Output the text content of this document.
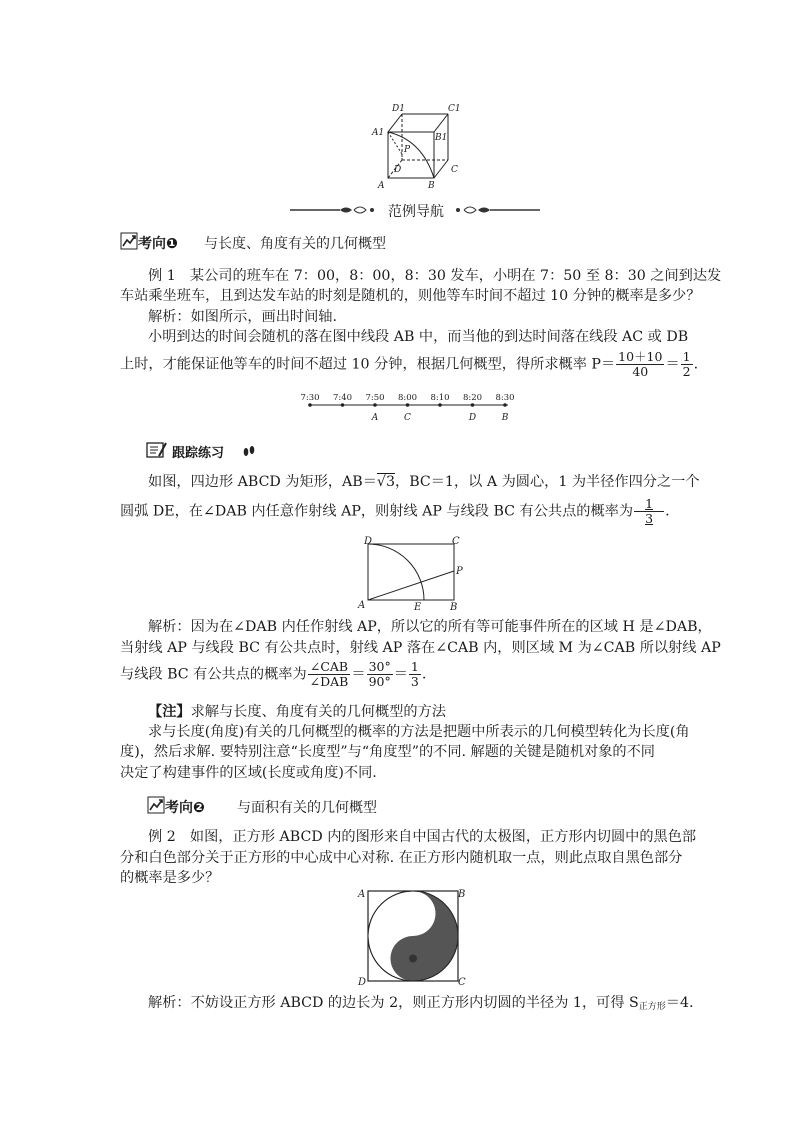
D1	C1
A1	B1
P
D	C
A	B
范例导航
考向❶ 与长度、角度有关的几何概型
例 1　某公司的班车在 7：00，8：00，8：30 发车，小明在 7：50 至 8：30 之间到达发
车站乘坐班车，且到达发车站的时刻是随机的，则他等车时间不超过 10 分钟的概率是多少？
解析：如图所示，画出时间轴.
小明到达的时间会随机的落在图中线段 AB 中，而当他的到达时间落在线段 AC 或 DB
上时，才能保证他等车的时间不超过 10 分钟，根据几何概型，得所求概率 $P= \frac{10+10}{40} = \frac{1}{2}$ .
7:30 7:40 7:50 8:00 8:10 8:20 8:30
A	C	D	B
跟踪练习
如图，四边形 ABCD 为矩形，AB＝√3，BC＝1，以 A 为圆心，1 为半径作四分之一个
圆弧 DE，在∠DAB 内任意作射线 AP，则射线 AP 与线段 BC 有公共点的概率为 $\frac{1}{3}$ .
D	C
P
A	E	B
解析：因为在∠DAB 内任作射线 AP，所以它的所有等可能事件所在的区域 H 是∠DAB，
当射线 AP 与线段 BC 有公共点时，射线 AP 落在∠CAB 内，则区域 M 为∠CAB 所以射线 AP
与线段 BC 有公共点的概率为 $\frac{\text{∠CAB}}{\text{∠DAB}} = \frac{30^\circ}{90^\circ} = \frac{1}{3}$ .
【注】求解与长度、角度有关的几何概型的方法
求与长度(角度)有关的几何概型的概率的方法是把题中所表示的几何模型转化为长度(角
度)，然后求解. 要特别注意“长度型”与“角度型”的不同. 解题的关键是随机对象的不同
决定了构建事件的区域(长度或角度)不同.
考向❷ 与面积有关的几何概型
例 2　如图，正方形 ABCD 内的图形来自中国古代的太极图，正方形内切圆中的黑色部
分和白色部分关于正方形的中心成中心对称. 在正方形内随机取一点，则此点取自黑色部分
的概率是多少？
A	B
D	C
解析：不妨设正方形 ABCD 的边长为 2，则正方形内切圆的半径为 1，可得 $S_{正方形}=4$.
